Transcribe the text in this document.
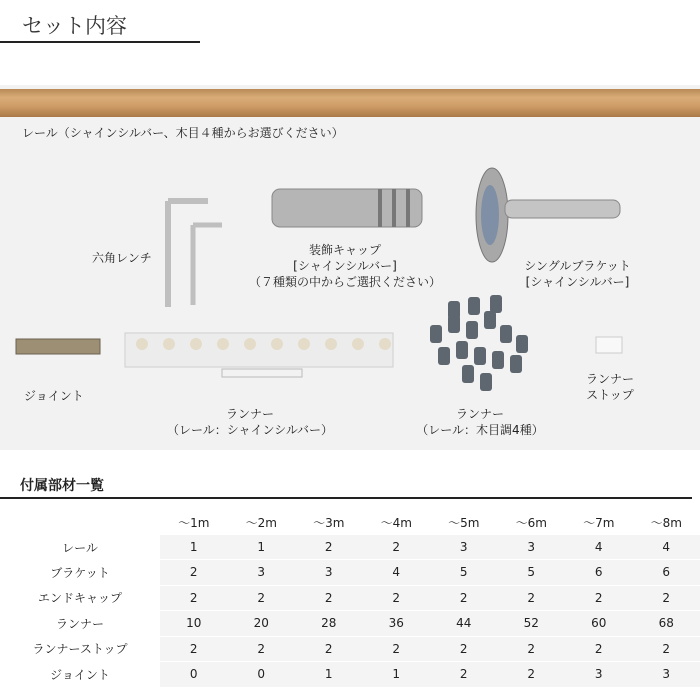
セット内容
レール（シャインシルバー、木目４種からお選びください）
六角レンチ
装飾キャップ
[シャインシルバー]
（７種類の中からご選択ください）
シングルブラケット
[シャインシルバー]
ジョイント
ランナー
（レール：シャインシルバー）
ランナー
（レール：木目調4種）
ランナー
ストップ
付属部材一覧
	～1m	～2m	～3m	～4m	～5m	～6m	～7m	～8m
レール	1	1	2	2	3	3	4	4
ブラケット	2	3	3	4	5	5	6	6
エンドキャップ	2	2	2	2	2	2	2	2
ランナー	10	20	28	36	44	52	60	68
ランナーストップ	2	2	2	2	2	2	2	2
ジョイント	0	0	1	1	2	2	3	3
